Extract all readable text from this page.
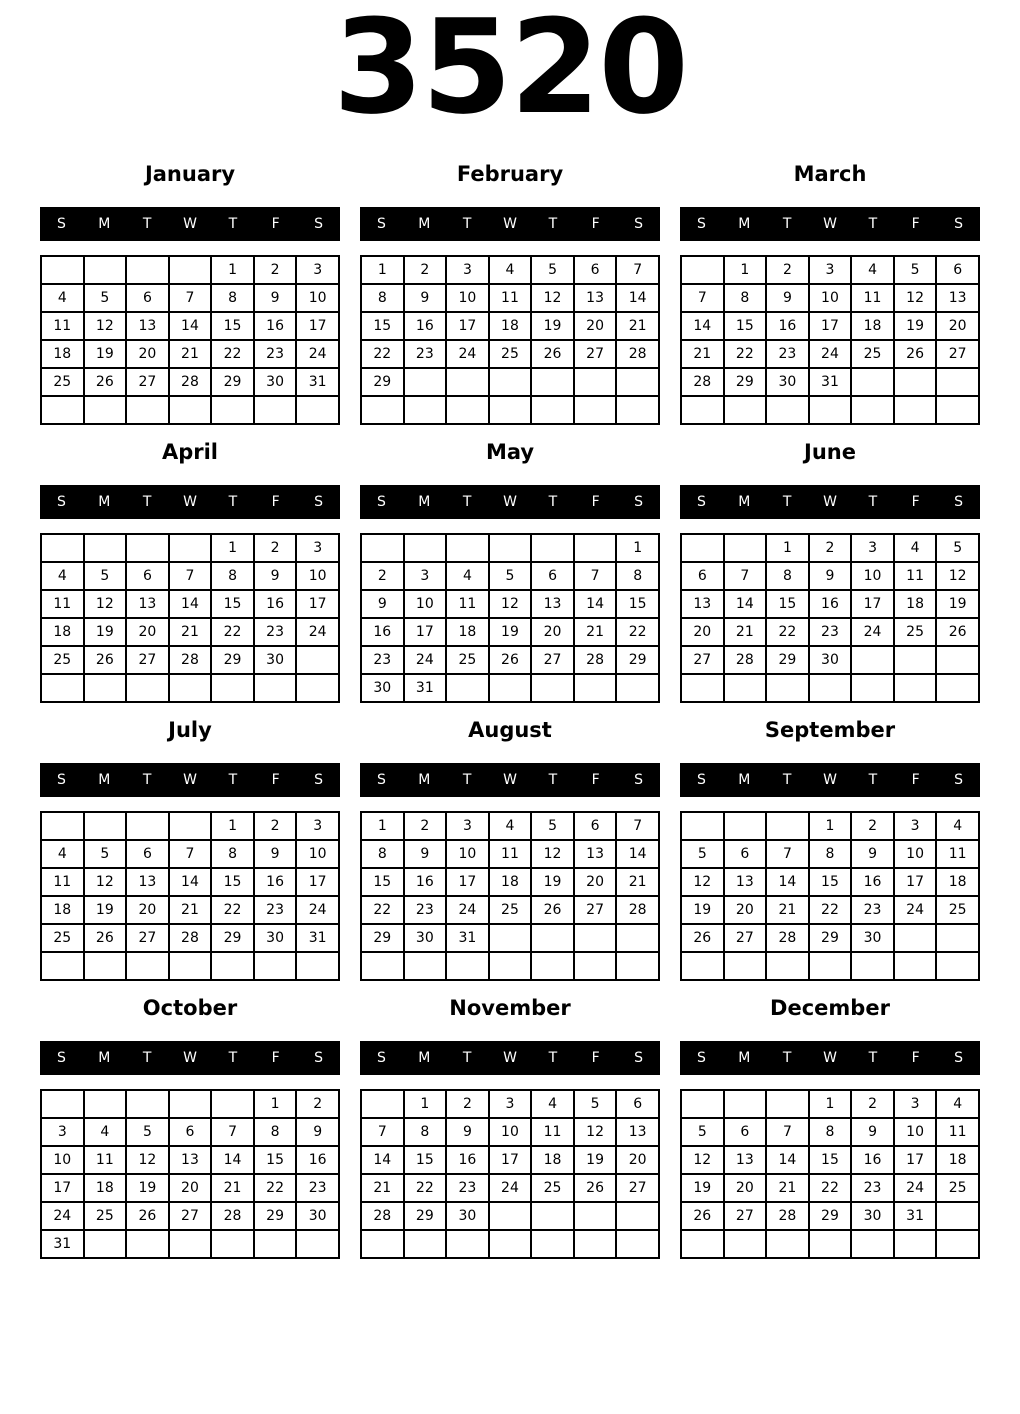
3520
January
S	M	T	W	T	F	S
				1	2	3
4	5	6	7	8	9	10
11	12	13	14	15	16	17
18	19	20	21	22	23	24
25	26	27	28	29	30	31

February
S	M	T	W	T	F	S
1	2	3	4	5	6	7
8	9	10	11	12	13	14
15	16	17	18	19	20	21
22	23	24	25	26	27	28
29						

March
S	M	T	W	T	F	S
	1	2	3	4	5	6
7	8	9	10	11	12	13
14	15	16	17	18	19	20
21	22	23	24	25	26	27
28	29	30	31			

April
S	M	T	W	T	F	S
				1	2	3
4	5	6	7	8	9	10
11	12	13	14	15	16	17
18	19	20	21	22	23	24
25	26	27	28	29	30	

May
S	M	T	W	T	F	S
						1
2	3	4	5	6	7	8
9	10	11	12	13	14	15
16	17	18	19	20	21	22
23	24	25	26	27	28	29
30	31					
June
S	M	T	W	T	F	S
		1	2	3	4	5
6	7	8	9	10	11	12
13	14	15	16	17	18	19
20	21	22	23	24	25	26
27	28	29	30			

July
S	M	T	W	T	F	S
				1	2	3
4	5	6	7	8	9	10
11	12	13	14	15	16	17
18	19	20	21	22	23	24
25	26	27	28	29	30	31

August
S	M	T	W	T	F	S
1	2	3	4	5	6	7
8	9	10	11	12	13	14
15	16	17	18	19	20	21
22	23	24	25	26	27	28
29	30	31				

September
S	M	T	W	T	F	S
			1	2	3	4
5	6	7	8	9	10	11
12	13	14	15	16	17	18
19	20	21	22	23	24	25
26	27	28	29	30		

October
S	M	T	W	T	F	S
					1	2
3	4	5	6	7	8	9
10	11	12	13	14	15	16
17	18	19	20	21	22	23
24	25	26	27	28	29	30
31						
November
S	M	T	W	T	F	S
	1	2	3	4	5	6
7	8	9	10	11	12	13
14	15	16	17	18	19	20
21	22	23	24	25	26	27
28	29	30				

December
S	M	T	W	T	F	S
			1	2	3	4
5	6	7	8	9	10	11
12	13	14	15	16	17	18
19	20	21	22	23	24	25
26	27	28	29	30	31	
